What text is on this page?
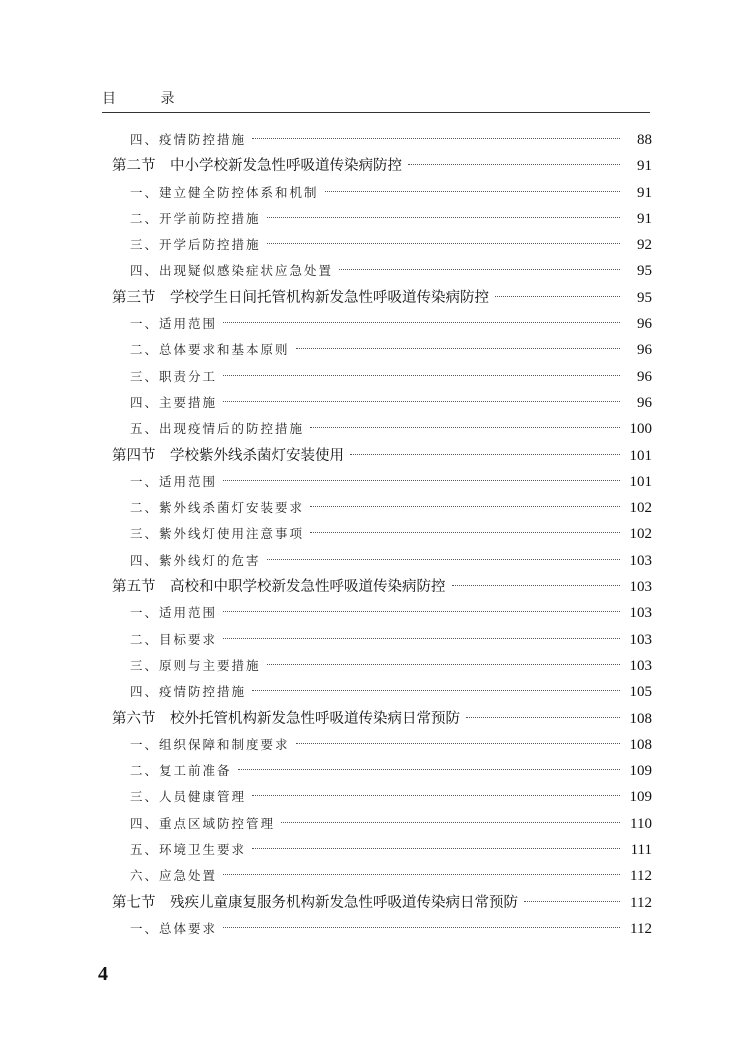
目 录
四、疫情防控措施	88
第二节　中小学校新发急性呼吸道传染病防控	91
一、建立健全防控体系和机制	91
二、开学前防控措施	91
三、开学后防控措施	92
四、出现疑似感染症状应急处置	95
第三节　学校学生日间托管机构新发急性呼吸道传染病防控	95
一、适用范围	96
二、总体要求和基本原则	96
三、职责分工	96
四、主要措施	96
五、出现疫情后的防控措施	100
第四节　学校紫外线杀菌灯安装使用	101
一、适用范围	101
二、紫外线杀菌灯安装要求	102
三、紫外线灯使用注意事项	102
四、紫外线灯的危害	103
第五节　高校和中职学校新发急性呼吸道传染病防控	103
一、适用范围	103
二、目标要求	103
三、原则与主要措施	103
四、疫情防控措施	105
第六节　校外托管机构新发急性呼吸道传染病日常预防	108
一、组织保障和制度要求	108
二、复工前准备	109
三、人员健康管理	109
四、重点区域防控管理	110
五、环境卫生要求	111
六、应急处置	112
第七节　残疾儿童康复服务机构新发急性呼吸道传染病日常预防	112
一、总体要求	112
4
